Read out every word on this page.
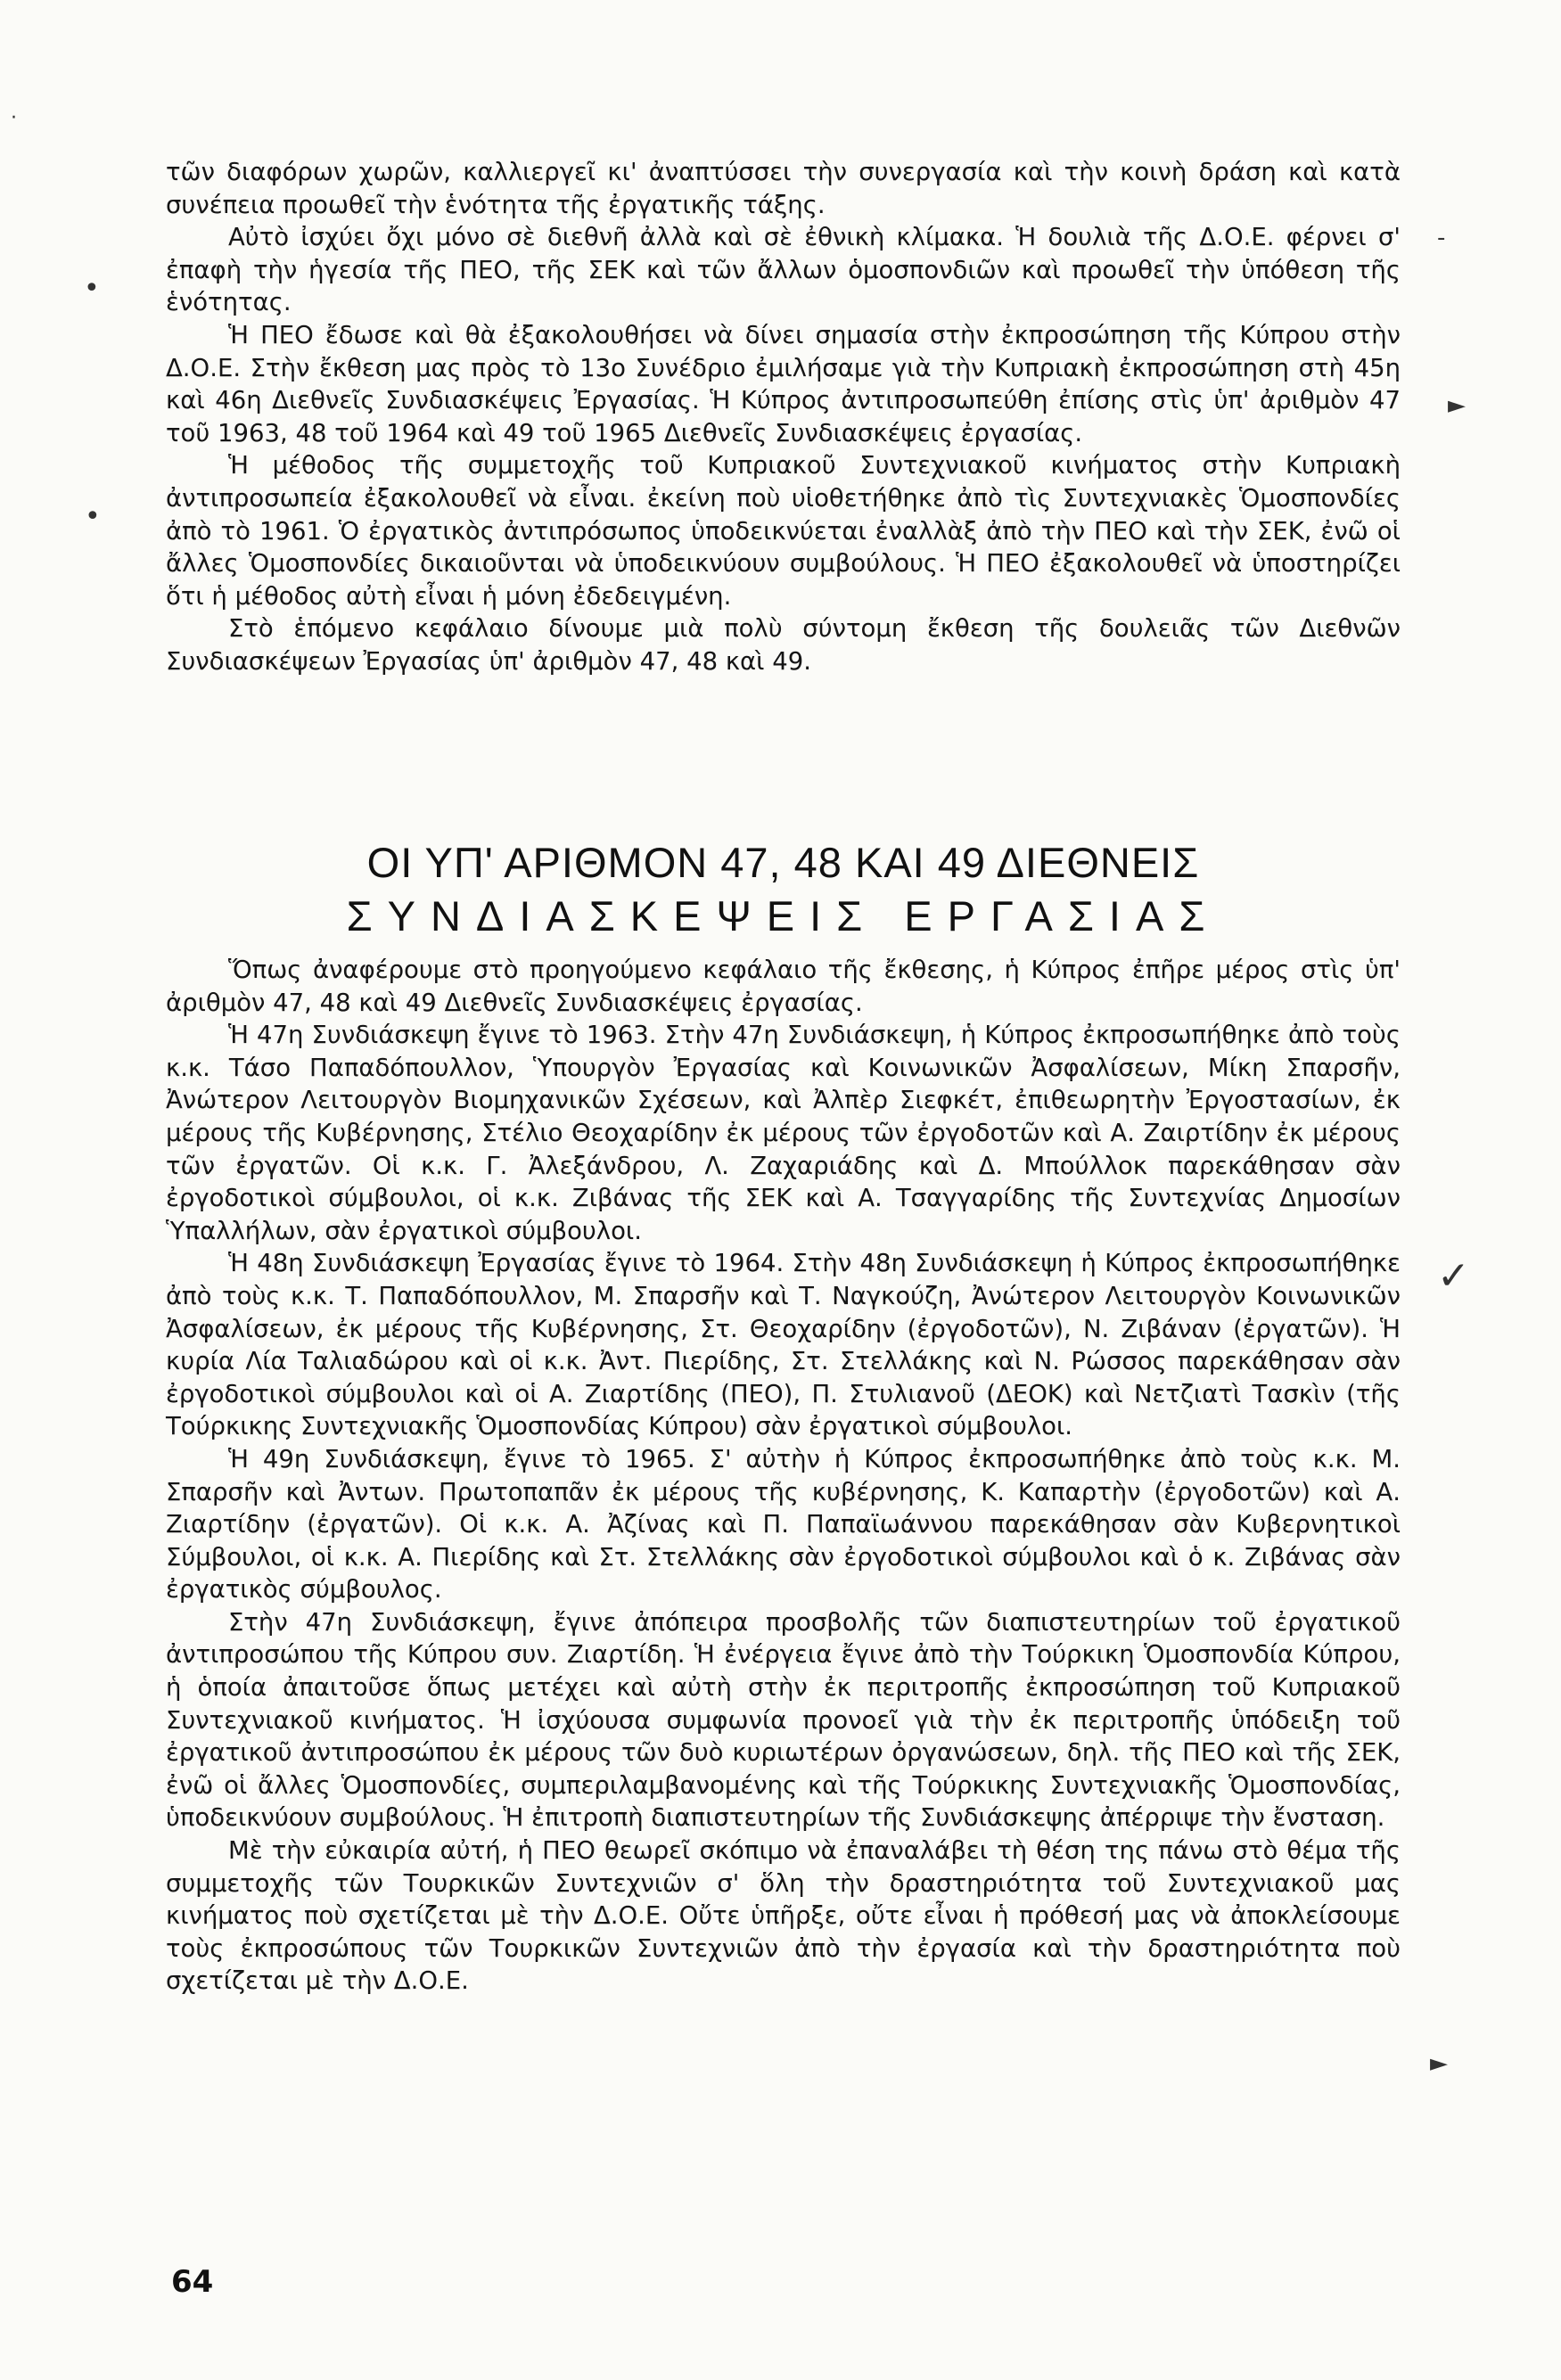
·
•
•
-
►
✓
►

τῶν διαφόρων χωρῶν, καλλιεργεῖ κι' ἀναπτύσσει τὴν συνεργασία καὶ τὴν κοινὴ δράση καὶ κατὰ συνέπεια προωθεῖ τὴν ἑνότητα τῆς ἐργατικῆς τάξης.

Αὐτὸ ἰσχύει ὄχι μόνο σὲ διεθνῆ ἀλλὰ καὶ σὲ ἐθνικὴ κλίμακα. Ἡ δουλιὰ τῆς Δ.Ο.Ε. φέρνει σ' ἐπαφὴ τὴν ἡγεσία τῆς ΠΕΟ, τῆς ΣΕΚ καὶ τῶν ἄλλων ὁμοσπονδιῶν καὶ προωθεῖ τὴν ὑπόθεση τῆς ἑνότητας.

Ἡ ΠΕΟ ἔδωσε καὶ θὰ ἐξακολουθήσει νὰ δίνει σημασία στὴν ἐκπροσώπηση τῆς Κύπρου στὴν Δ.Ο.Ε. Στὴν ἔκθεση μας πρὸς τὸ 13ο Συνέδριο ἐμιλήσαμε γιὰ τὴν Κυπριακὴ ἐκπροσώπηση στὴ 45η καὶ 46η Διεθνεῖς Συνδιασκέψεις Ἐργασίας. Ἡ Κύπρος ἀντιπροσωπεύθη ἐπίσης στὶς ὑπ' ἀριθμὸν 47 τοῦ 1963, 48 τοῦ 1964 καὶ 49 τοῦ 1965 Διεθνεῖς Συνδιασκέψεις ἐργασίας.

Ἡ μέθοδος τῆς συμμετοχῆς τοῦ Κυπριακοῦ Συντεχνιακοῦ κινήματος στὴν Κυπριακὴ ἀντιπροσωπεία ἐξακολουθεῖ νὰ εἶναι. ἐκείνη ποὺ υἱοθετήθηκε ἀπὸ τὶς Συντεχνιακὲς Ὁμοσπονδίες ἀπὸ τὸ 1961. Ὁ ἐργατικὸς ἀντιπρόσωπος ὑποδεικνύεται ἐναλλὰξ ἀπὸ τὴν ΠΕΟ καὶ τὴν ΣΕΚ, ἐνῶ οἱ ἄλλες Ὁμοσπονδίες δικαιοῦνται νὰ ὑποδεικνύουν συμβούλους. Ἡ ΠΕΟ ἐξακολουθεῖ νὰ ὑποστηρίζει ὅτι ἡ μέθοδος αὐτὴ εἶναι ἡ μόνη ἐδεδειγμένη.

Στὸ ἑπόμενο κεφάλαιο δίνουμε μιὰ πολὺ σύντομη ἔκθεση τῆς δουλειᾶς τῶν Διεθνῶν Συνδιασκέψεων Ἐργασίας ὑπ' ἀριθμὸν 47, 48 καὶ 49.

ΟΙ ΥΠ' ΑΡΙΘΜΟΝ 47, 48 ΚΑΙ 49 ΔΙΕΘΝΕΙΣ
ΣΥΝΔΙΑΣΚΕΨΕΙΣ ΕΡΓΑΣΙΑΣ

Ὅπως ἀναφέρουμε στὸ προηγούμενο κεφάλαιο τῆς ἔκθεσης, ἡ Κύπρος ἐπῆρε μέρος στὶς ὑπ' ἀριθμὸν 47, 48 καὶ 49 Διεθνεῖς Συνδιασκέψεις ἐργασίας.

Ἡ 47η Συνδιάσκεψη ἔγινε τὸ 1963. Στὴν 47η Συνδιάσκεψη, ἡ Κύπρος ἐκπροσωπήθηκε ἀπὸ τοὺς κ.κ. Τάσο Παπαδόπουλλον, Ὑπουργὸν Ἐργασίας καὶ Κοινωνικῶν Ἀσφαλίσεων, Μίκη Σπαρσῆν, Ἀνώτερον Λειτουργὸν Βιομηχανικῶν Σχέσεων, καὶ Ἀλπὲρ Σιεφκέτ, ἐπιθεωρητὴν Ἐργοστασίων, ἐκ μέρους τῆς Κυβέρνησης, Στέλιο Θεοχαρίδην ἐκ μέρους τῶν ἐργοδοτῶν καὶ Α. Ζαιρτίδην ἐκ μέρους τῶν ἐργατῶν. Οἱ κ.κ. Γ. Ἀλεξάνδρου, Λ. Ζαχαριάδης καὶ Δ. Μπούλλοκ παρεκάθησαν σὰν ἐργοδοτικοὶ σύμβουλοι, οἱ κ.κ. Ζιβάνας τῆς ΣΕΚ καὶ Α. Τσαγγαρίδης τῆς Συντεχνίας Δημοσίων Ὑπαλλήλων, σὰν ἐργατικοὶ σύμβουλοι.

Ἡ 48η Συνδιάσκεψη Ἐργασίας ἔγινε τὸ 1964. Στὴν 48η Συνδιάσκεψη ἡ Κύπρος ἐκπροσωπήθηκε ἀπὸ τοὺς κ.κ. Τ. Παπαδόπουλλον, Μ. Σπαρσῆν καὶ Τ. Ναγκούζη, Ἀνώτερον Λειτουργὸν Κοινωνικῶν Ἀσφαλίσεων, ἐκ μέρους τῆς Κυβέρνησης, Στ. Θεοχαρίδην (ἐργοδοτῶν), Ν. Ζιβάναν (ἐργατῶν). Ἡ κυρία Λία Ταλιαδώρου καὶ οἱ κ.κ. Ἀντ. Πιερίδης, Στ. Στελλάκης καὶ Ν. Ρώσσος παρεκάθησαν σὰν ἐργοδοτικοὶ σύμβουλοι καὶ οἱ Α. Ζιαρτίδης (ΠΕΟ), Π. Στυλιανοῦ (ΔΕΟΚ) καὶ Νετζιατὶ Τασκὶν (τῆς Τούρκικης Συντεχνιακῆς Ὁμοσπονδίας Κύπρου) σὰν ἐργατικοὶ σύμβουλοι.

Ἡ 49η Συνδιάσκεψη, ἔγινε τὸ 1965. Σ' αὐτὴν ἡ Κύπρος ἐκπροσωπήθηκε ἀπὸ τοὺς κ.κ. Μ. Σπαρσῆν καὶ Ἀντων. Πρωτοπαπᾶν ἐκ μέρους τῆς κυβέρνησης, Κ. Καπαρτὴν (ἐργοδοτῶν) καὶ Α. Ζιαρτίδην (ἐργατῶν). Οἱ κ.κ. Α. Ἀζίνας καὶ Π. Παπαϊωάννου παρεκάθησαν σὰν Κυβερνητικοὶ Σύμβουλοι, οἱ κ.κ. Α. Πιερίδης καὶ Στ. Στελλάκης σὰν ἐργοδοτικοὶ σύμβουλοι καὶ ὁ κ. Ζιβάνας σὰν ἐργατικὸς σύμβουλος.

Στὴν 47η Συνδιάσκεψη, ἔγινε ἀπόπειρα προσβολῆς τῶν διαπιστευτηρίων τοῦ ἐργατικοῦ ἀντιπροσώπου τῆς Κύπρου συν. Ζιαρτίδη. Ἡ ἐνέργεια ἔγινε ἀπὸ τὴν Τούρκικη Ὁμοσπονδία Κύπρου, ἡ ὁποία ἀπαιτοῦσε ὅπως μετέχει καὶ αὐτὴ στὴν ἐκ περιτροπῆς ἐκπροσώπηση τοῦ Κυπριακοῦ Συντεχνιακοῦ κινήματος. Ἡ ἰσχύουσα συμφωνία προνοεῖ γιὰ τὴν ἐκ περιτροπῆς ὑπόδειξη τοῦ ἐργατικοῦ ἀντιπροσώπου ἐκ μέρους τῶν δυὸ κυριωτέρων ὀργανώσεων, δηλ. τῆς ΠΕΟ καὶ τῆς ΣΕΚ, ἐνῶ οἱ ἄλλες Ὁμοσπονδίες, συμπεριλαμβανομένης καὶ τῆς Τούρκικης Συντεχνιακῆς Ὁμοσπονδίας, ὑποδεικνύουν συμβούλους. Ἡ ἐπιτροπὴ διαπιστευτηρίων τῆς Συνδιάσκεψης ἀπέρριψε τὴν ἔνσταση.

Μὲ τὴν εὐκαιρία αὐτή, ἡ ΠΕΟ θεωρεῖ σκόπιμο νὰ ἐπαναλάβει τὴ θέση της πάνω στὸ θέμα τῆς συμμετοχῆς τῶν Τουρκικῶν Συντεχνιῶν σ' ὅλη τὴν δραστηριότητα τοῦ Συντεχνιακοῦ μας κινήματος ποὺ σχετίζεται μὲ τὴν Δ.Ο.Ε. Οὔτε ὑπῆρξε, οὔτε εἶναι ἡ πρόθεσή μας νὰ ἀποκλείσουμε τοὺς ἐκπροσώπους τῶν Τουρκικῶν Συντεχνιῶν ἀπὸ τὴν ἐργασία καὶ τὴν δραστηριότητα ποὺ σχετίζεται μὲ τὴν Δ.Ο.Ε.

64
